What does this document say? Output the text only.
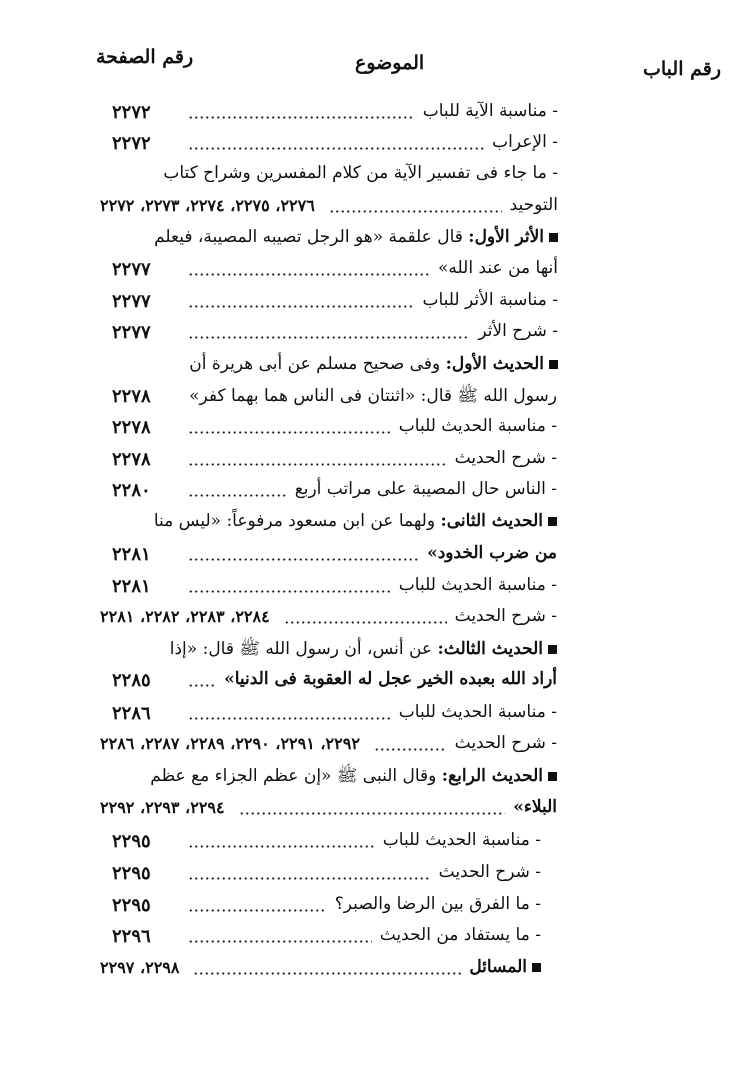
رقم الباب
الموضوع
رقم الصفحة
- مناسبة الآية للباب
٢٢٧٢
- الإعراب
٢٢٧٢
- ما جاء فى تفسير الآية من كلام المفسرين وشراح كتاب
التوحيد
٢٢٧٦، ٢٢٧٥، ٢٢٧٤، ٢٢٧٣، ٢٢٧٢
الأثر الأول: قال علقمة «هو الرجل تصيبه المصيبة، فيعلم
أنها من عند الله»
٢٢٧٧
- مناسبة الأثر للباب
٢٢٧٧
- شرح الأثر
٢٢٧٧
الحديث الأول: وفى صحيح مسلم عن أبى هريرة أن
رسول الله ﷺ قال: «اثنتان فى الناس هما بهما كفر»
٢٢٧٨
- مناسبة الحديث للباب
٢٢٧٨
- شرح الحديث
٢٢٧٨
- الناس حال المصيبة على مراتب أربع
٢٢٨٠
الحديث الثانى: ولهما عن ابن مسعود مرفوعاً: «ليس منا
من ضرب الخدود»
٢٢٨١
- مناسبة الحديث للباب
٢٢٨١
- شرح الحديث
٢٢٨٤، ٢٢٨٣، ٢٢٨٢، ٢٢٨١
الحديث الثالث: عن أنس، أن رسول الله ﷺ قال: «إذا
أراد الله بعبده الخير عجل له العقوبة فى الدنيا»
٢٢٨٥
- مناسبة الحديث للباب
٢٢٨٦
- شرح الحديث
٢٢٩٢، ٢٢٩١، ٢٢٩٠، ٢٢٨٩، ٢٢٨٧، ٢٢٨٦
الحديث الرابع: وقال النبى ﷺ «إن عظم الجزاء مع عظم
البلاء»
٢٢٩٤، ٢٢٩٣، ٢٢٩٢
- مناسبة الحديث للباب
٢٢٩٥
- شرح الحديث
٢٢٩٥
- ما الفرق بين الرضا والصبر؟
٢٢٩٥
- ما يستفاد من الحديث
٢٢٩٦
المسائل
٢٢٩٨، ٢٢٩٧
